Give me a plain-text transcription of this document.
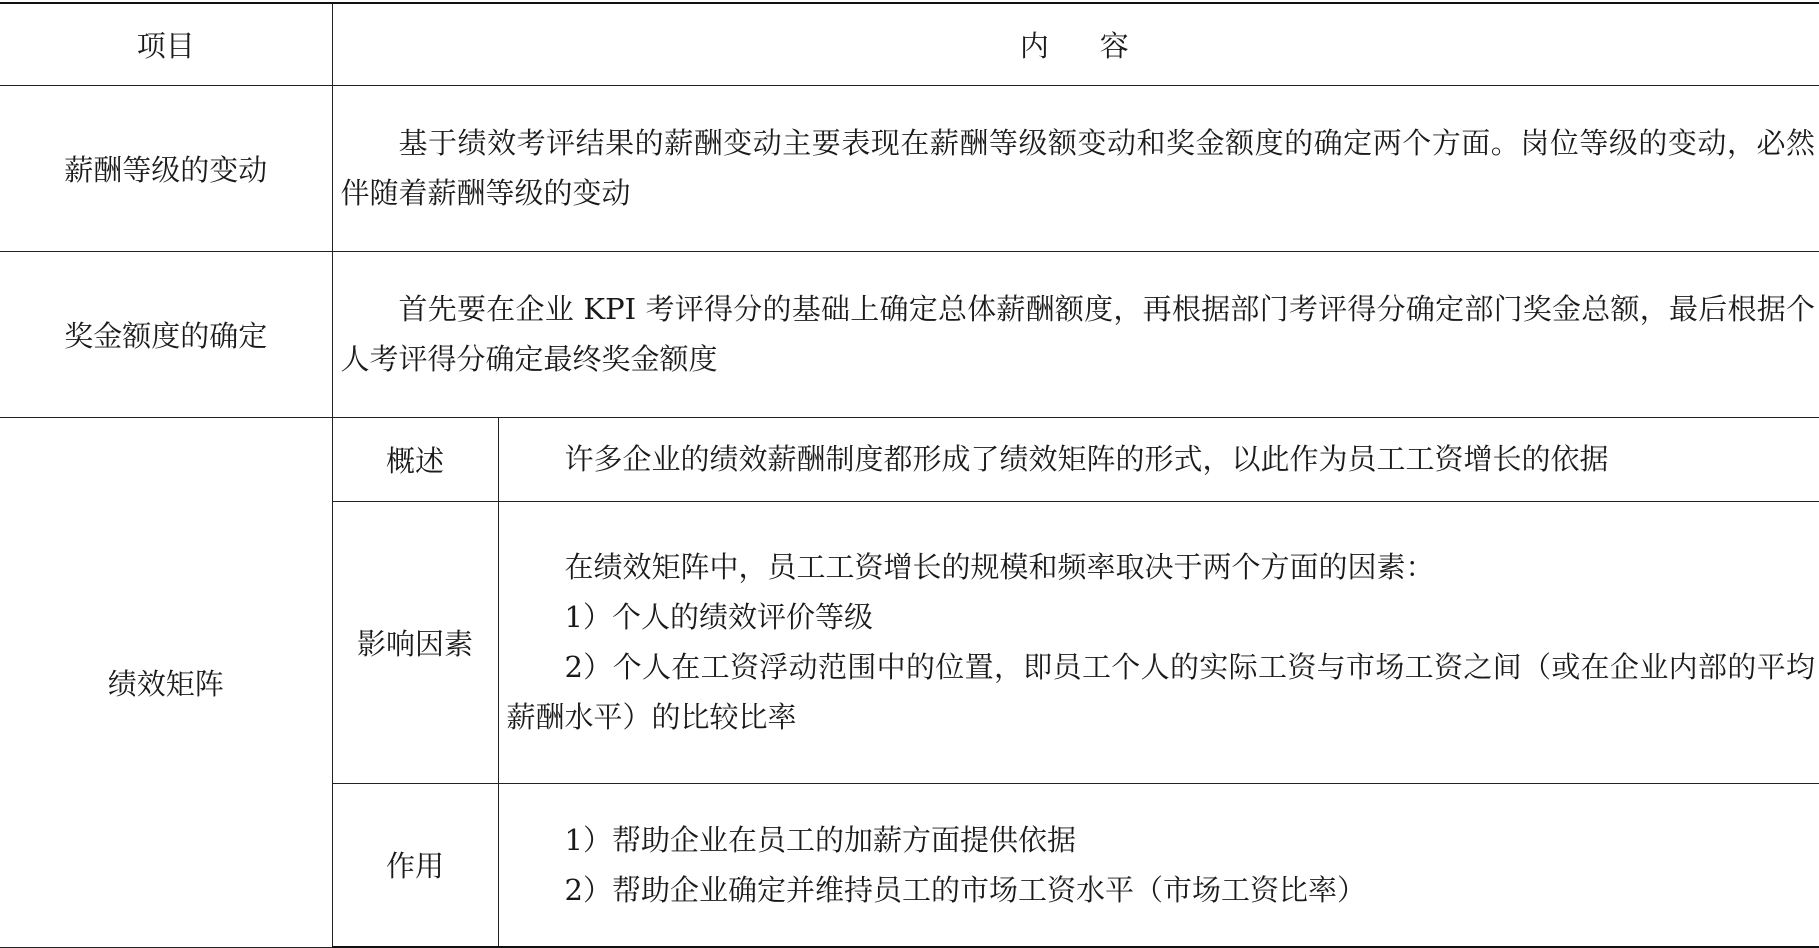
项目	内 容	
薪酬等级的变动	基于绩效考评结果的薪酬变动主要表现在薪酬等级额变动和奖金额度的确定两个方面。岗位等级的变动，必然伴随着薪酬等级的变动	

奖金额度的确定	首先要在企业 KPI 考评得分的基础上确定总体薪酬额度，再根据部门考评得分确定部门奖金总额，最后根据个人考评得分确定最终奖金额度	

绩效矩阵	概述	许多企业的绩效薪酬制度都形成了绩效矩阵的形式，以此作为员工工资增长的依据

	影响因素	在绩效矩阵中，员工工资增长的规模和频率取决于两个方面的因素：

1）个人的绩效评价等级

2）个人在工资浮动范围中的位置，即员工个人的实际工资与市场工资之间（或在企业内部的平均薪酬水平）的比较比率

	作用	1）帮助企业在员工的加薪方面提供依据

2）帮助企业确定并维持员工的市场工资水平（市场工资比率）
